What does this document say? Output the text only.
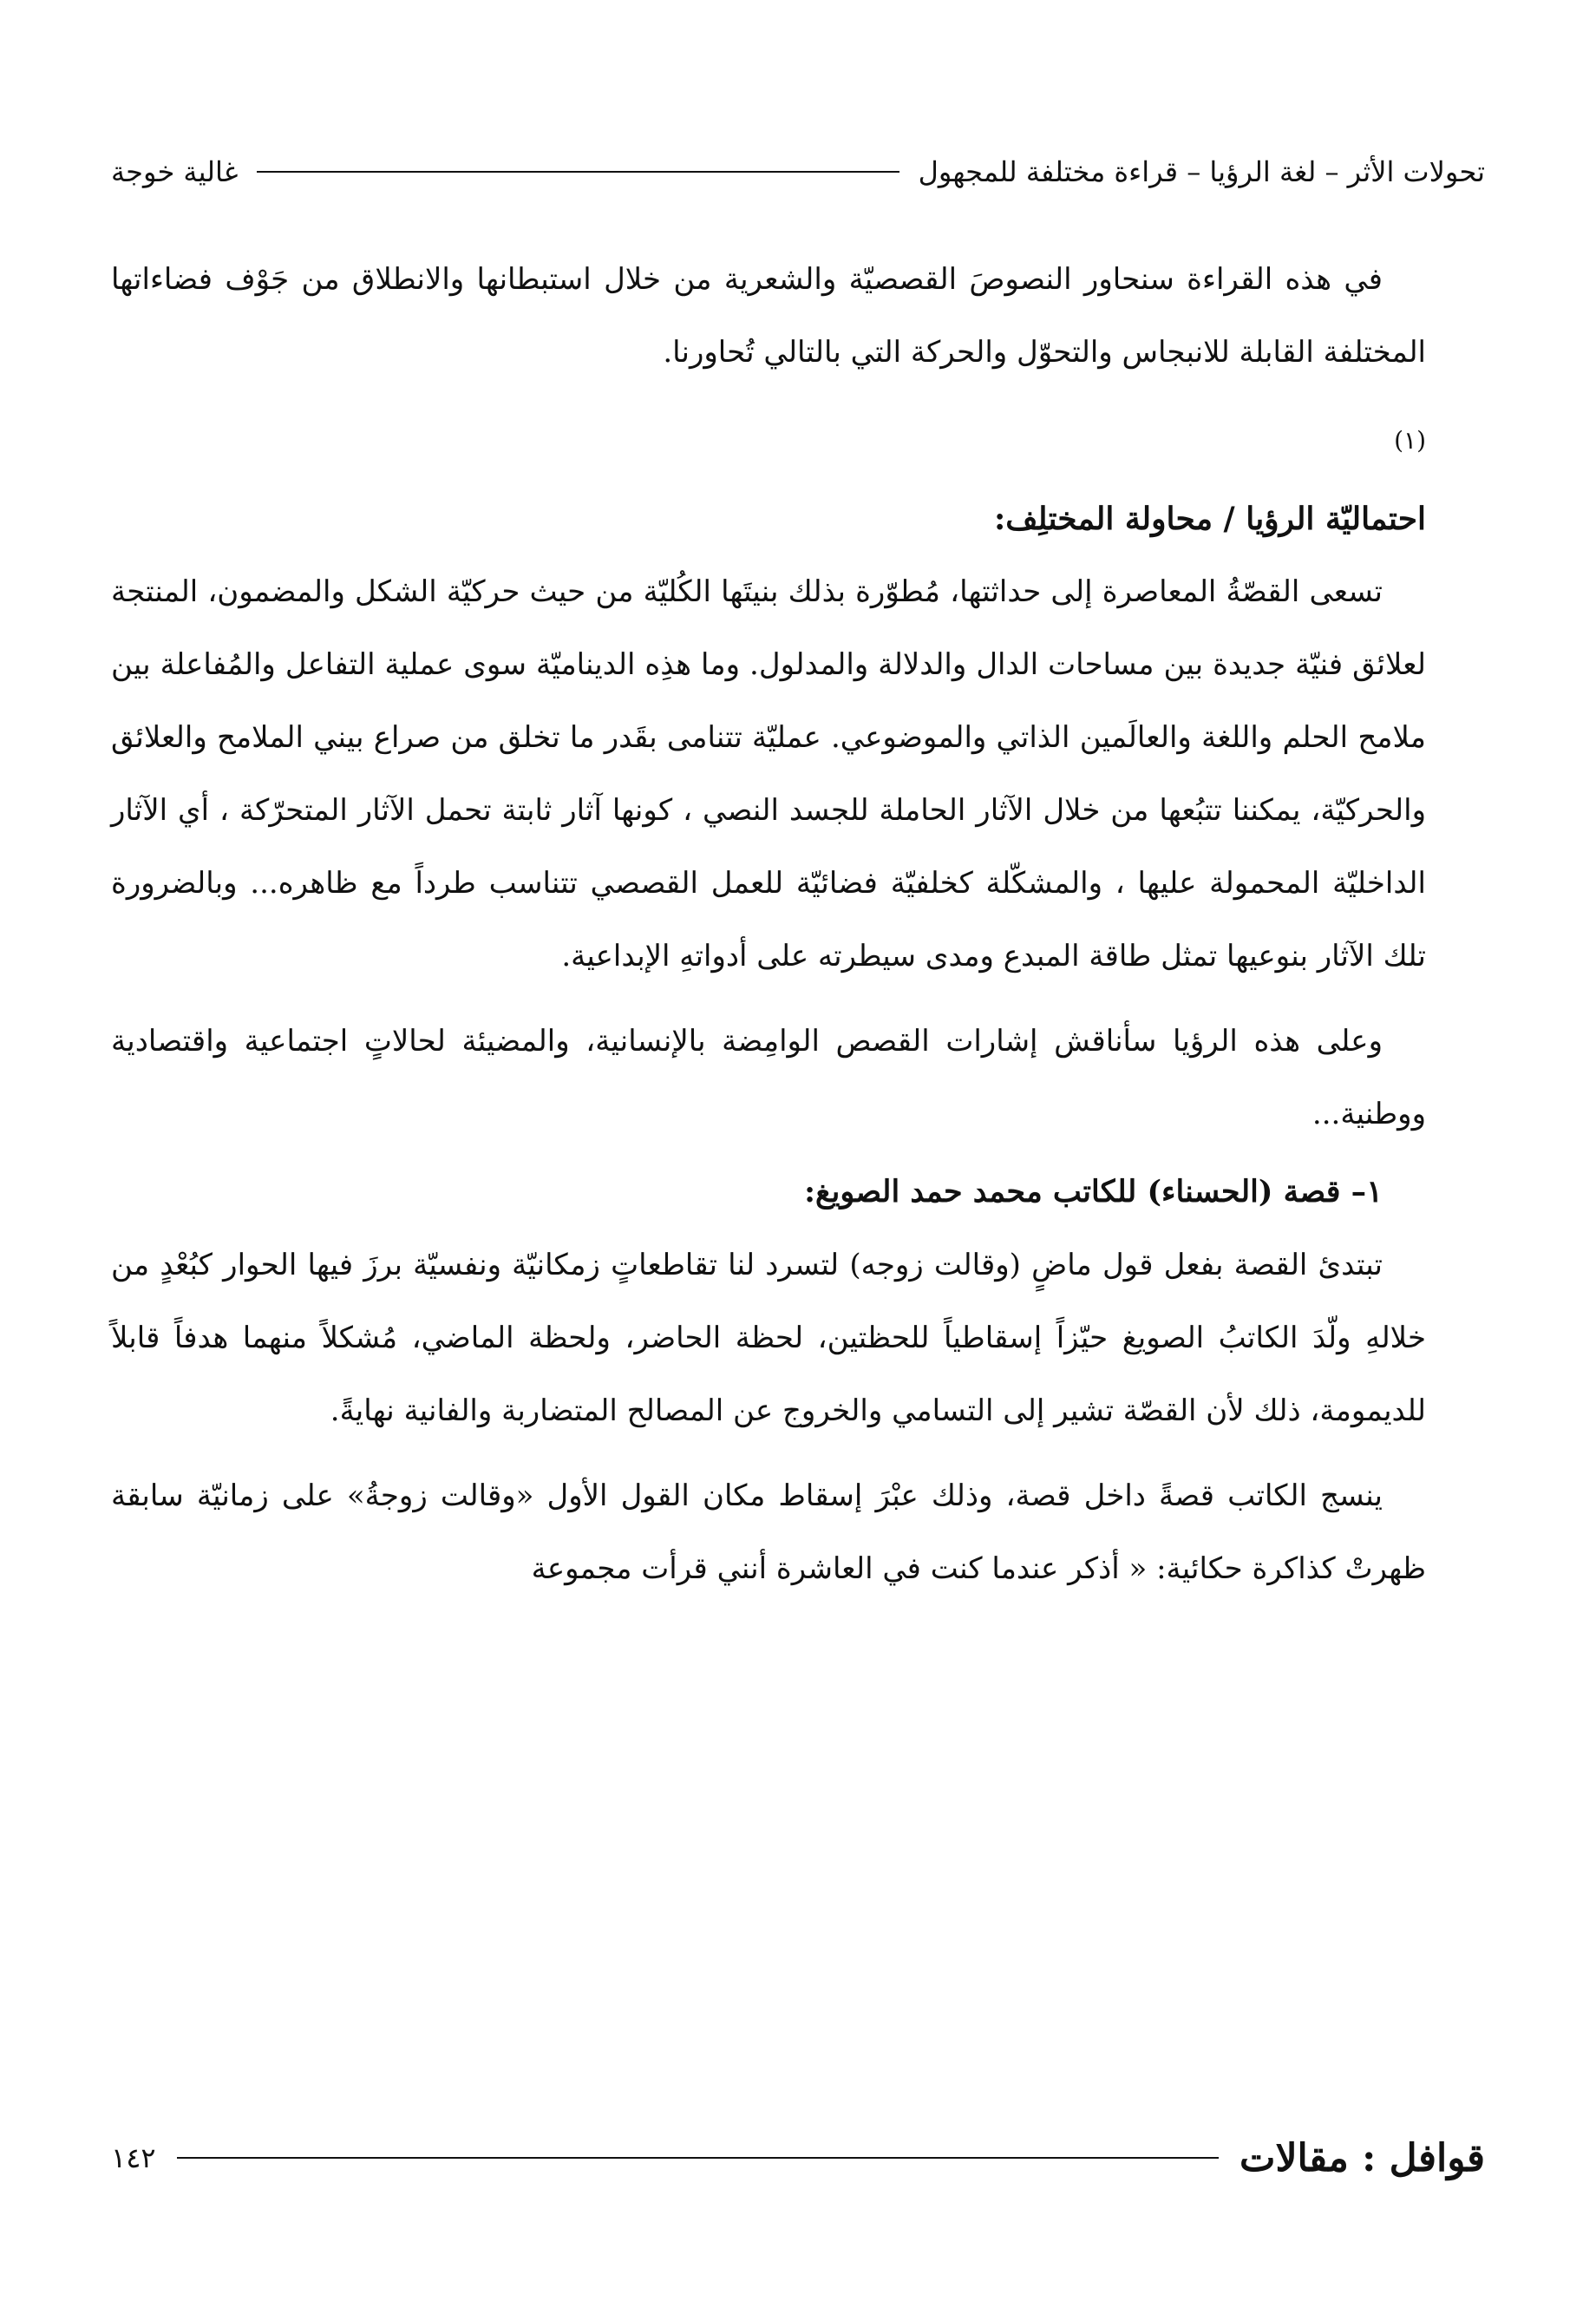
تحولات الأثر – لغة الرؤيا – قراءة مختلفة للمجهول
غالية خوجة

في هذه القراءة سنحاور النصوصَ القصصيّة والشعرية من خلال استبطانها والانطلاق من جَوْف فضاءاتها المختلفة القابلة للانبجاس والتحوّل والحركة التي بالتالي تُحاورنا.

(١)

احتماليّة الرؤيا / محاولة المختلِف:

تسعى القصّةُ المعاصرة إلى حداثتها، مُطوّرة بذلك بنيتَها الكُليّة من حيث حركيّة الشكل والمضمون، المنتجة لعلائق فنيّة جديدة بين مساحات الدال والدلالة والمدلول. وما هذِه الديناميّة سوى عملية التفاعل والمُفاعلة بين ملامح الحلم واللغة والعالَمين الذاتي والموضوعي. عمليّة تتنامى بقَدر ما تخلق من صراع بيني الملامح والعلائق والحركيّة، يمكننا تتبُعها من خلال الآثار الحاملة للجسد النصي ، كونها آثار ثابتة تحمل الآثار المتحرّكة ، أي الآثار الداخليّة المحمولة عليها ، والمشكّلة كخلفيّة فضائيّة للعمل القصصي تتناسب طرداً مع ظاهره... وبالضرورة تلك الآثار بنوعيها تمثل طاقة المبدع ومدى سيطرته على أدواتهِ الإبداعية.

وعلى هذه الرؤيا سأناقش إشارات القصص الوامِضة بالإنسانية، والمضيئة لحالاتٍ اجتماعية واقتصادية ووطنية...

١– قصة (الحسناء) للكاتب محمد حمد الصويغ:

تبتدئ القصة بفعل قول ماضٍ (وقالت زوجه) لتسرد لنا تقاطعاتٍ زمكانيّة ونفسيّة برزَ فيها الحوار كبُعْدٍ من خلالهِ ولّدَ الكاتبُ الصويغ حيّزاً إسقاطياً للحظتين، لحظة الحاضر، ولحظة الماضي، مُشكلاً منهما هدفاً قابلاً للديمومة، ذلك لأن القصّة تشير إلى التسامي والخروج عن المصالح المتضاربة والفانية نهايةً.

ينسج الكاتب قصةً داخل قصة، وذلك عبْرَ إسقاط مكان القول الأول «وقالت زوجةُ» على زمانيّة سابقة ظهرتْ كذاكرة حكائية: « أذكر عندما كنت في العاشرة أنني قرأت مجموعة

قوافل : مقالات
١٤٢
